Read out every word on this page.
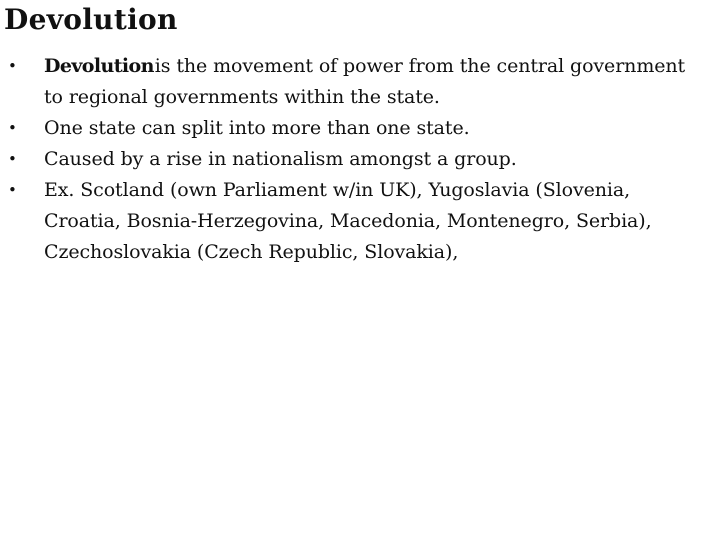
Devolution
• Devolutionis the movement of power from the central government to regional governments within the state.
• One state can split into more than one state.
• Caused by a rise in nationalism amongst a group.
• Ex. Scotland (own Parliament w/in UK), Yugoslavia (Slovenia, Croatia, Bosnia-Herzegovina, Macedonia, Montenegro, Serbia), Czechoslovakia (Czech Republic, Slovakia),
